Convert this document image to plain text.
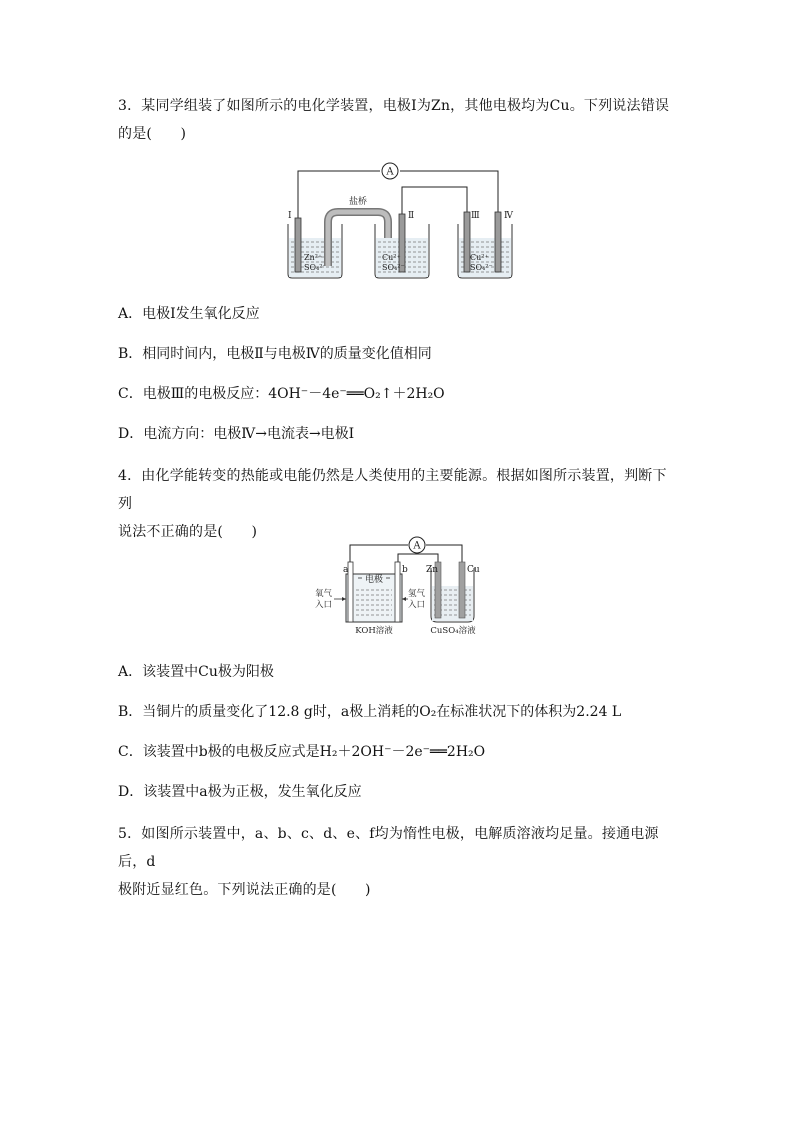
3．某同学组装了如图所示的电化学装置，电极Ⅰ为Zn，其他电极均为Cu。下列说法错误
的是(　　)
A
Ⅰ
Zn²⁺
SO₄²⁻
盐桥
Ⅱ
Cu²⁺
SO₄²⁻
Ⅲ	Ⅳ
Cu²⁺
SO₄²⁻
A．电极Ⅰ发生氧化反应
B．相同时间内，电极Ⅱ与电极Ⅳ的质量变化值相同
C．电极Ⅲ的电极反应：4OH⁻－4e⁻══O₂↑＋2H₂O
D．电流方向：电极Ⅳ→电流表→电极Ⅰ
4．由化学能转变的热能或电能仍然是人类使用的主要能源。根据如图所示装置，判断下列
说法不正确的是(　　)
A
a	b
电极
氧气
入口
氢气
入口
KOH溶液
Zn	Cu
CuSO₄溶液
A．该装置中Cu极为阳极
B．当铜片的质量变化了12.8 g时，a极上消耗的O₂在标准状况下的体积为2.24 L
C．该装置中b极的电极反应式是H₂＋2OH⁻－2e⁻══2H₂O
D．该装置中a极为正极，发生氧化反应
5．如图所示装置中，a、b、c、d、e、f均为惰性电极，电解质溶液均足量。接通电源后，d
极附近显红色。下列说法正确的是(　　)
